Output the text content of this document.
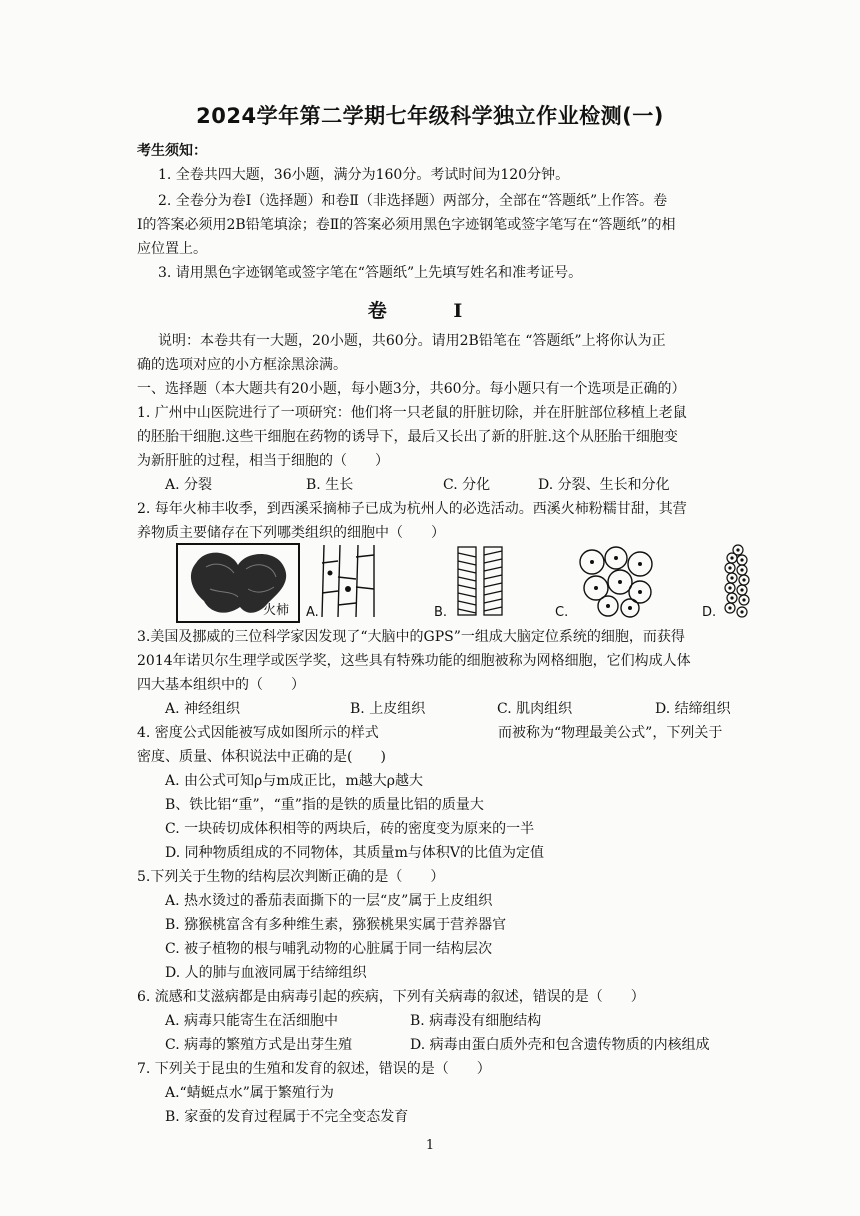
2024学年第二学期七年级科学独立作业检测(一)
考生须知：
1. 全卷共四大题，36小题，满分为160分。考试时间为120分钟。
2. 全卷分为卷Ⅰ（选择题）和卷Ⅱ（非选择题）两部分，全部在“答题纸”上作答。卷
Ⅰ的答案必须用2B铅笔填涂；卷Ⅱ的答案必须用黑色字迹钢笔或签字笔写在“答题纸”的相
应位置上。
3. 请用黑色字迹钢笔或签字笔在“答题纸”上先填写姓名和准考证号。
卷 Ⅰ
说明：本卷共有一大题，20小题，共60分。请用2B铅笔在 “答题纸”上将你认为正
确的选项对应的小方框涂黑涂满。
一、选择题（本大题共有20小题，每小题3分，共60分。每小题只有一个选项是正确的）
1. 广州中山医院进行了一项研究：他们将一只老鼠的肝脏切除，并在肝脏部位移植上老鼠
的胚胎干细胞.这些干细胞在药物的诱导下，最后又长出了新的肝脏.这个从胚胎干细胞变
为新肝脏的过程，相当于细胞的（　　）
A. 分裂	B. 生长	C. 分化	D. 分裂、生长和分化
2. 每年火柿丰收季，到西溪采摘柿子已成为杭州人的必选活动。西溪火柿粉糯甘甜，其营
养物质主要储存在下列哪类组织的细胞中（　　）
火柿 A.	B.	C.	D.
3.美国及挪威的三位科学家因发现了“大脑中的GPS”一组成大脑定位系统的细胞，而获得
2014年诺贝尔生理学或医学奖，这些具有特殊功能的细胞被称为网格细胞，它们构成人体
四大基本组织中的（　　）
A. 神经组织	B. 上皮组织	C. 肌肉组织	D. 结缔组织
4. 密度公式因能被写成如图所示的样式	而被称为“物理最美公式”，下列关于
密度、质量、体积说法中正确的是(　　)
A. 由公式可知ρ与m成正比，m越大ρ越大
B、铁比铝“重”，“重”指的是铁的质量比铝的质量大
C. 一块砖切成体积相等的两块后，砖的密度变为原来的一半
D. 同种物质组成的不同物体，其质量m与体积V的比值为定值
5.下列关于生物的结构层次判断正确的是（　　）
A. 热水烫过的番茄表面撕下的一层“皮”属于上皮组织
B. 猕猴桃富含有多种维生素，猕猴桃果实属于营养器官
C. 被子植物的根与哺乳动物的心脏属于同一结构层次
D. 人的肺与血液同属于结缔组织
6. 流感和艾滋病都是由病毒引起的疾病，下列有关病毒的叙述，错误的是（　　）
A. 病毒只能寄生在活细胞中	B. 病毒没有细胞结构
C. 病毒的繁殖方式是出芽生殖	D. 病毒由蛋白质外壳和包含遗传物质的内核组成
7. 下列关于昆虫的生殖和发育的叙述，错误的是（　　）
A.“蜻蜓点水”属于繁殖行为
B. 家蚕的发育过程属于不完全变态发育
1
